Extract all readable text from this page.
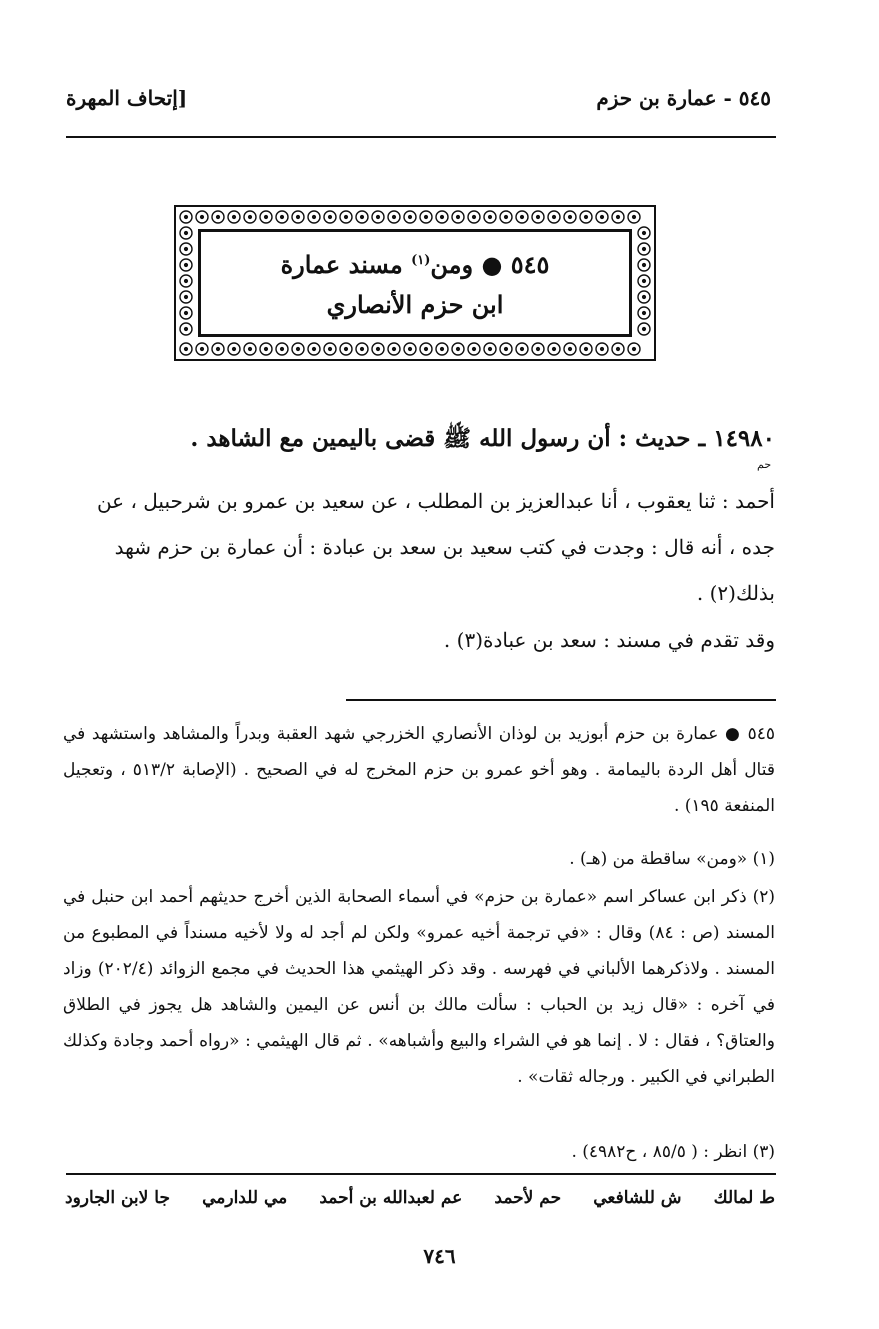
٥٤٥ - عمارة بن حزم
[إتحاف المهرة
٥٤٥ ● ومن$^{(١)}$ مسند عمارة
ابن حزم الأنصاري
١٤٩٨٠ ـ حديث : أن رسول الله ﷺ قضى باليمين مع الشاهد .
حم
أحمد : ثنا يعقوب ، أنا عبدالعزيز بن المطلب ، عن سعيد بن عمرو بن شرحبيل ، عن جده ، أنه قال : وجدت في كتب سعيد بن سعد بن عبادة : أن عمارة بن حزم شهد بذلك(٢) .
وقد تقدم في مسند : سعد بن عبادة(٣) .
٥٤٥ ● عمارة بن حزم أبوزيد بن لوذان الأنصاري الخزرجي شهد العقبة وبدراً والمشاهد واستشهد في قتال أهل الردة باليمامة . وهو أخو عمرو بن حزم المخرج له في الصحيح . (الإصابة ٥١٣/٢ ، وتعجيل المنفعة ١٩٥) .
(١) «ومن» ساقطة من (هـ) .
(٢) ذكر ابن عساكر اسم «عمارة بن حزم» في أسماء الصحابة الذين أخرج حديثهم أحمد ابن حنبل في المسند (ص : ٨٤) وقال : «في ترجمة أخيه عمرو» ولكن لم أجد له ولا لأخيه مسنداً في المطبوع من المسند . ولاذكرهما الألباني في فهرسه . وقد ذكر الهيثمي هذا الحديث في مجمع الزوائد (٢٠٢/٤) وزاد في آخره : «قال زيد بن الحباب : سألت مالك بن أنس عن اليمين والشاهد هل يجوز في الطلاق والعتاق؟ ، فقال : لا . إنما هو في الشراء والبيع وأشباهه» . ثم قال الهيثمي : «رواه أحمد وجادة وكذلك الطبراني في الكبير . ورجاله ثقات» .
(٣) انظر : ( ٨٥/٥ ، ح٤٩٨٢) .
ط لمالك
ش للشافعي
حم لأحمد
عم لعبدالله بن أحمد
مي للدارمي
جا لابن الجارود
٧٤٦
